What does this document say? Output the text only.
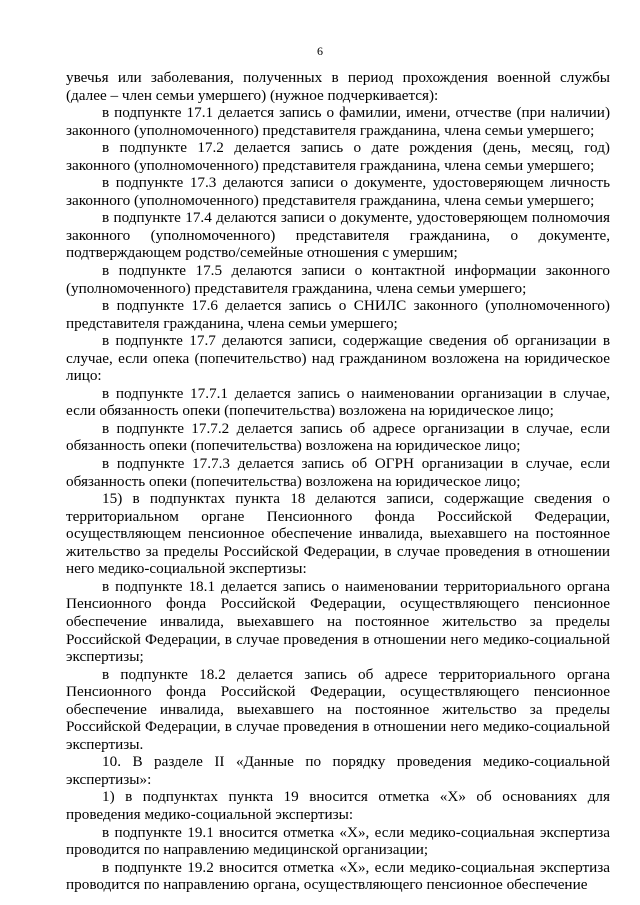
6

увечья или заболевания, полученных в период прохождения военной службы (далее – член семьи умершего) (нужное подчеркивается):

в подпункте 17.1 делается запись о фамилии, имени, отчестве (при наличии) законного (уполномоченного) представителя гражданина, члена семьи умершего;

в подпункте 17.2 делается запись о дате рождения (день, месяц, год) законного (уполномоченного) представителя гражданина, члена семьи умершего;

в подпункте 17.3 делаются записи о документе, удостоверяющем личность законного (уполномоченного) представителя гражданина, члена семьи умершего;

в подпункте 17.4 делаются записи о документе, удостоверяющем полномочия законного (уполномоченного) представителя гражданина, о документе, подтверждающем родство/семейные отношения с умершим;

в подпункте 17.5 делаются записи о контактной информации законного (уполномоченного) представителя гражданина, члена семьи умершего;

в подпункте 17.6 делается запись о СНИЛС законного (уполномоченного) представителя гражданина, члена семьи умершего;

в подпункте 17.7 делаются записи, содержащие сведения об организации в случае, если опека (попечительство) над гражданином возложена на юридическое лицо:

в подпункте 17.7.1 делается запись о наименовании организации в случае, если обязанность опеки (попечительства) возложена на юридическое лицо;

в подпункте 17.7.2 делается запись об адресе организации в случае, если обязанность опеки (попечительства) возложена на юридическое лицо;

в подпункте 17.7.3 делается запись об ОГРН организации в случае, если обязанность опеки (попечительства) возложена на юридическое лицо;

15) в подпунктах пункта 18 делаются записи, содержащие сведения о территориальном органе Пенсионного фонда Российской Федерации, осуществляющем пенсионное обеспечение инвалида, выехавшего на постоянное жительство за пределы Российской Федерации, в случае проведения в отношении него медико-социальной экспертизы:

в подпункте 18.1 делается запись о наименовании территориального органа Пенсионного фонда Российской Федерации, осуществляющего пенсионное обеспечение инвалида, выехавшего на постоянное жительство за пределы Российской Федерации, в случае проведения в отношении него медико-социальной экспертизы;

в подпункте 18.2 делается запись об адресе территориального органа Пенсионного фонда Российской Федерации, осуществляющего пенсионное обеспечение инвалида, выехавшего на постоянное жительство за пределы Российской Федерации, в случае проведения в отношении него медико-социальной экспертизы.

10. В разделе II «Данные по порядку проведения медико-социальной экспертизы»:

1) в подпунктах пункта 19 вносится отметка «Х» об основаниях для проведения медико-социальной экспертизы:

в подпункте 19.1 вносится отметка «Х», если медико-социальная экспертиза проводится по направлению медицинской организации;

в подпункте 19.2 вносится отметка «Х», если медико-социальная экспертиза проводится по направлению органа, осуществляющего пенсионное обеспечение
